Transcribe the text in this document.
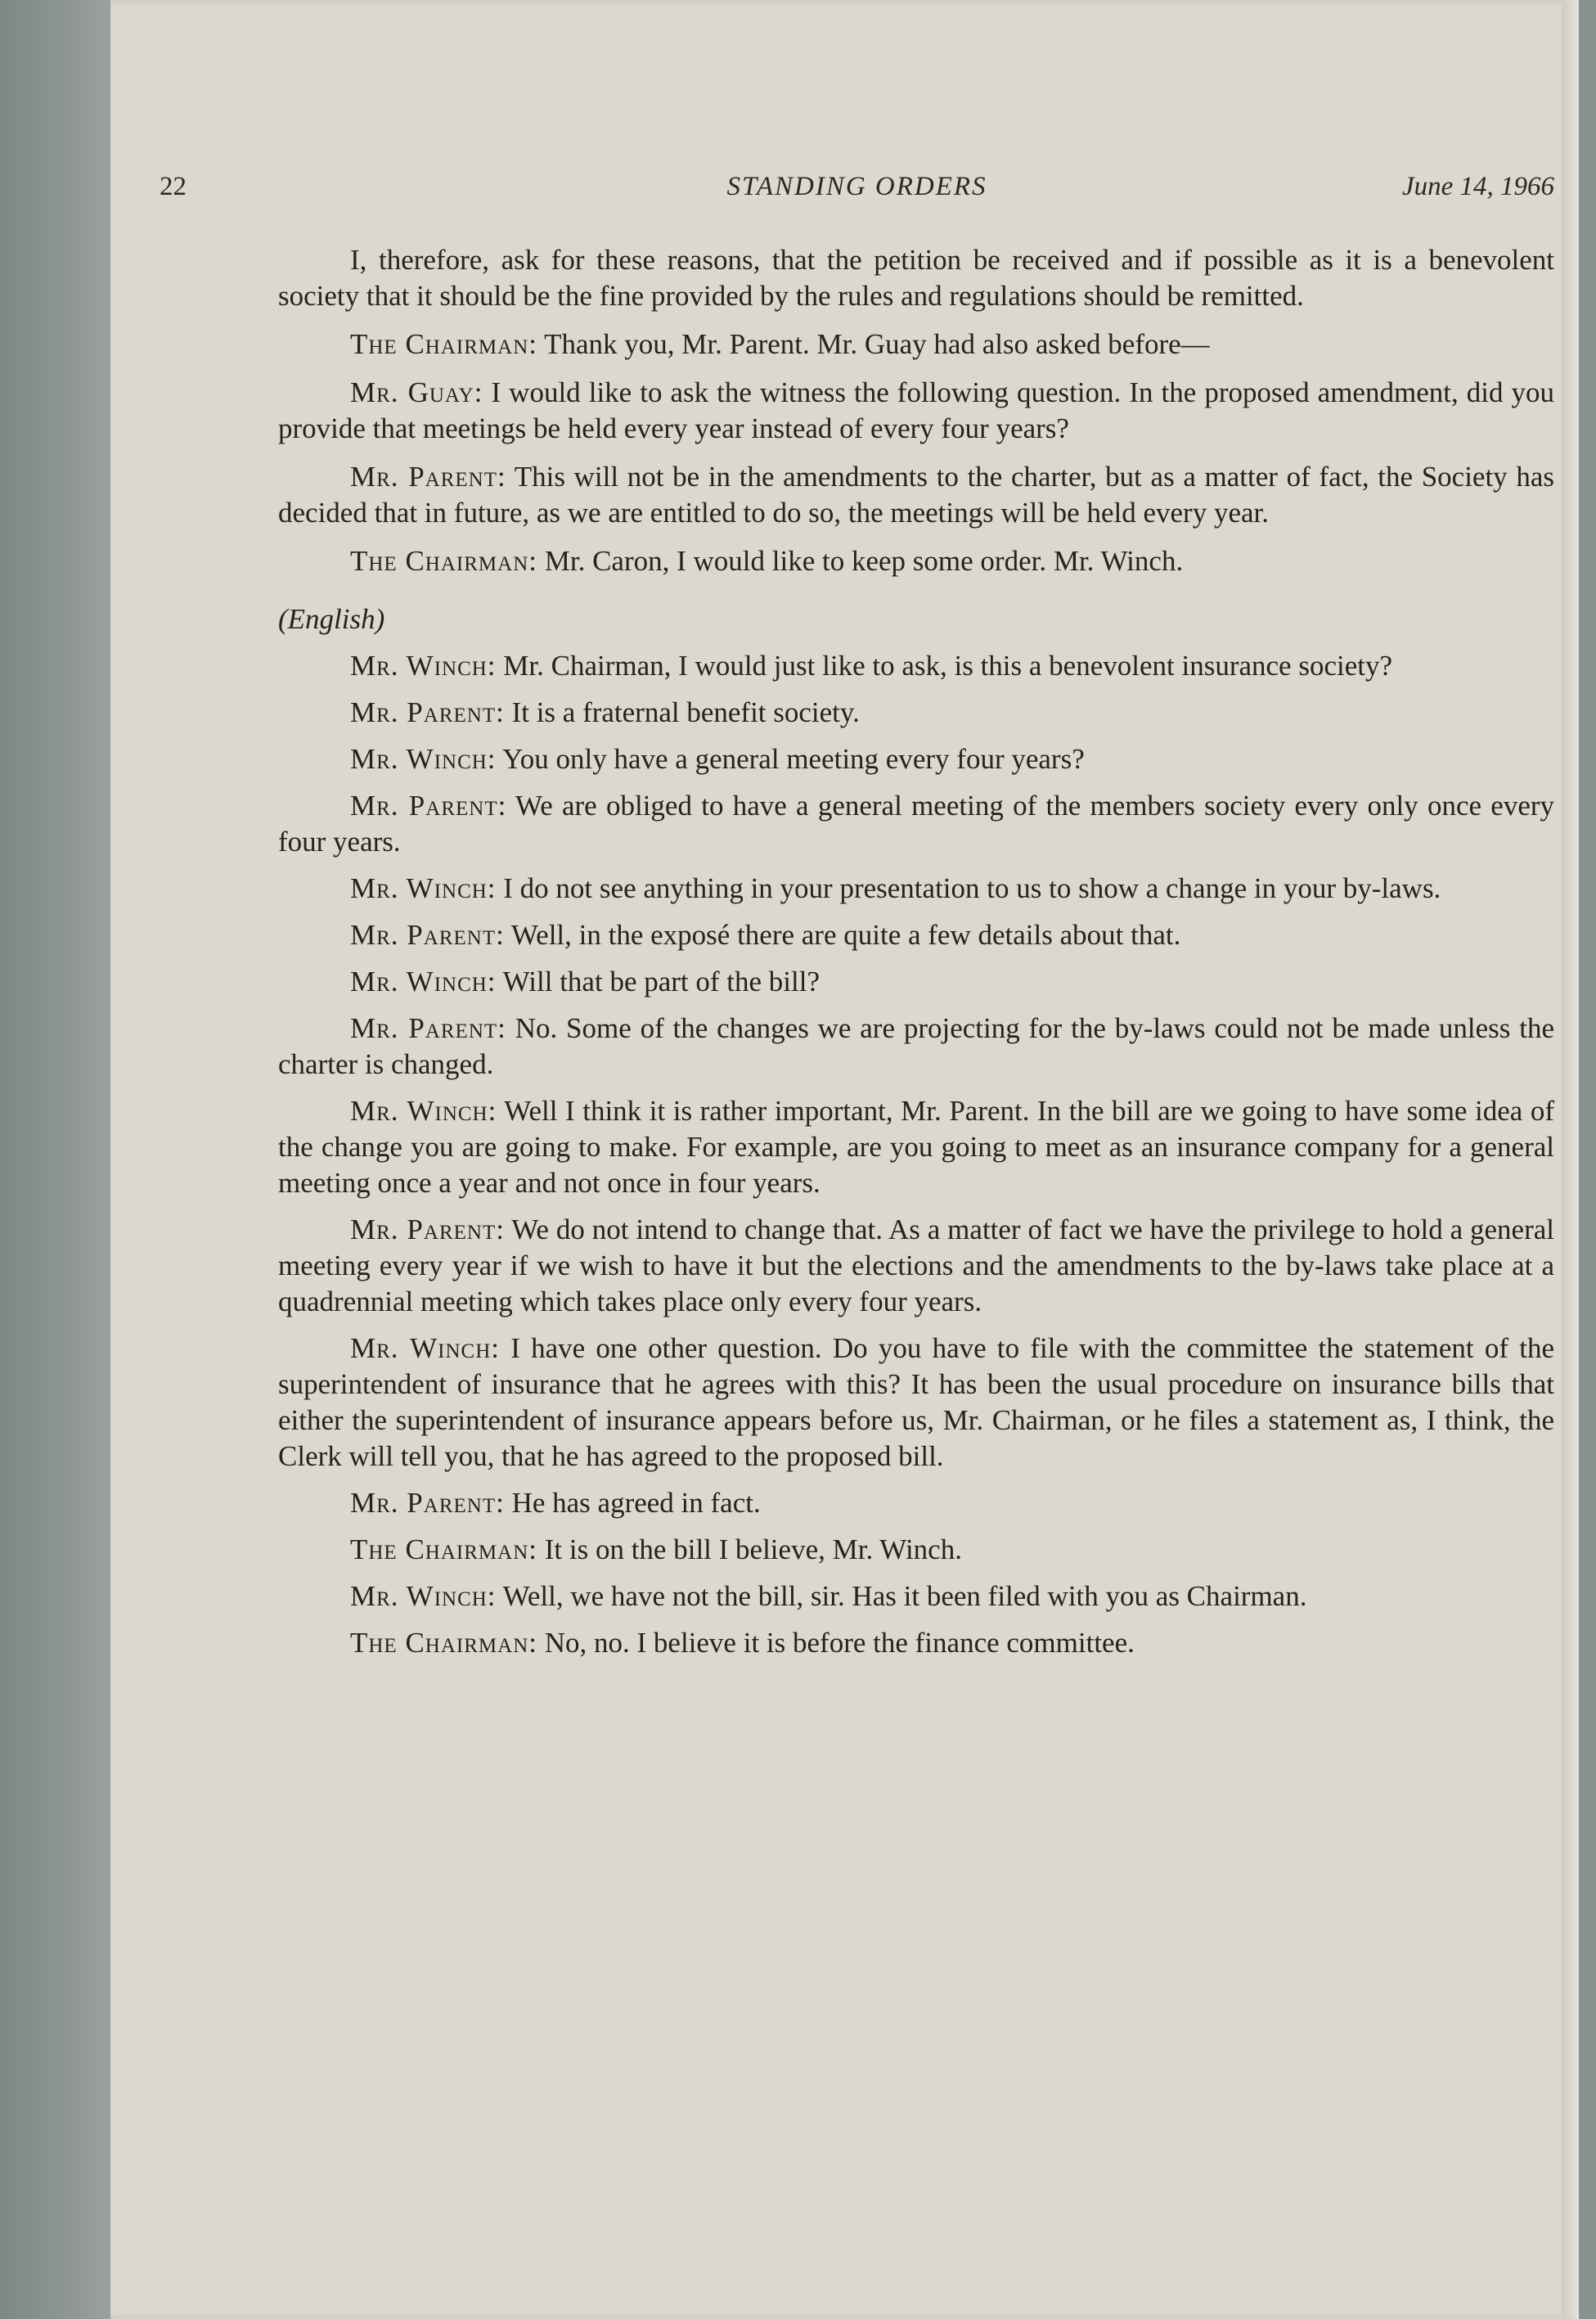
22	STANDING ORDERS	June 14, 1966

I, therefore, ask for these reasons, that the petition be received and if possible as it is a benevolent society that it should be the fine provided by the rules and regulations should be remitted.

The Chairman: Thank you, Mr. Parent. Mr. Guay had also asked before—

Mr. Guay: I would like to ask the witness the following question. In the proposed amendment, did you provide that meetings be held every year instead of every four years?

Mr. Parent: This will not be in the amendments to the charter, but as a matter of fact, the Society has decided that in future, as we are entitled to do so, the meetings will be held every year.

The Chairman: Mr. Caron, I would like to keep some order. Mr. Winch.

(English)

Mr. Winch: Mr. Chairman, I would just like to ask, is this a benevolent insurance society?

Mr. Parent: It is a fraternal benefit society.

Mr. Winch: You only have a general meeting every four years?

Mr. Parent: We are obliged to have a general meeting of the members society every only once every four years.

Mr. Winch: I do not see anything in your presentation to us to show a change in your by-laws.

Mr. Parent: Well, in the exposé there are quite a few details about that.

Mr. Winch: Will that be part of the bill?

Mr. Parent: No. Some of the changes we are projecting for the by-laws could not be made unless the charter is changed.

Mr. Winch: Well I think it is rather important, Mr. Parent. In the bill are we going to have some idea of the change you are going to make. For example, are you going to meet as an insurance company for a general meeting once a year and not once in four years.

Mr. Parent: We do not intend to change that. As a matter of fact we have the privilege to hold a general meeting every year if we wish to have it but the elections and the amendments to the by-laws take place at a quadrennial meeting which takes place only every four years.

Mr. Winch: I have one other question. Do you have to file with the committee the statement of the superintendent of insurance that he agrees with this? It has been the usual procedure on insurance bills that either the superintendent of insurance appears before us, Mr. Chairman, or he files a statement as, I think, the Clerk will tell you, that he has agreed to the proposed bill.

Mr. Parent: He has agreed in fact.

The Chairman: It is on the bill I believe, Mr. Winch.

Mr. Winch: Well, we have not the bill, sir. Has it been filed with you as Chairman.

The Chairman: No, no. I believe it is before the finance committee.
